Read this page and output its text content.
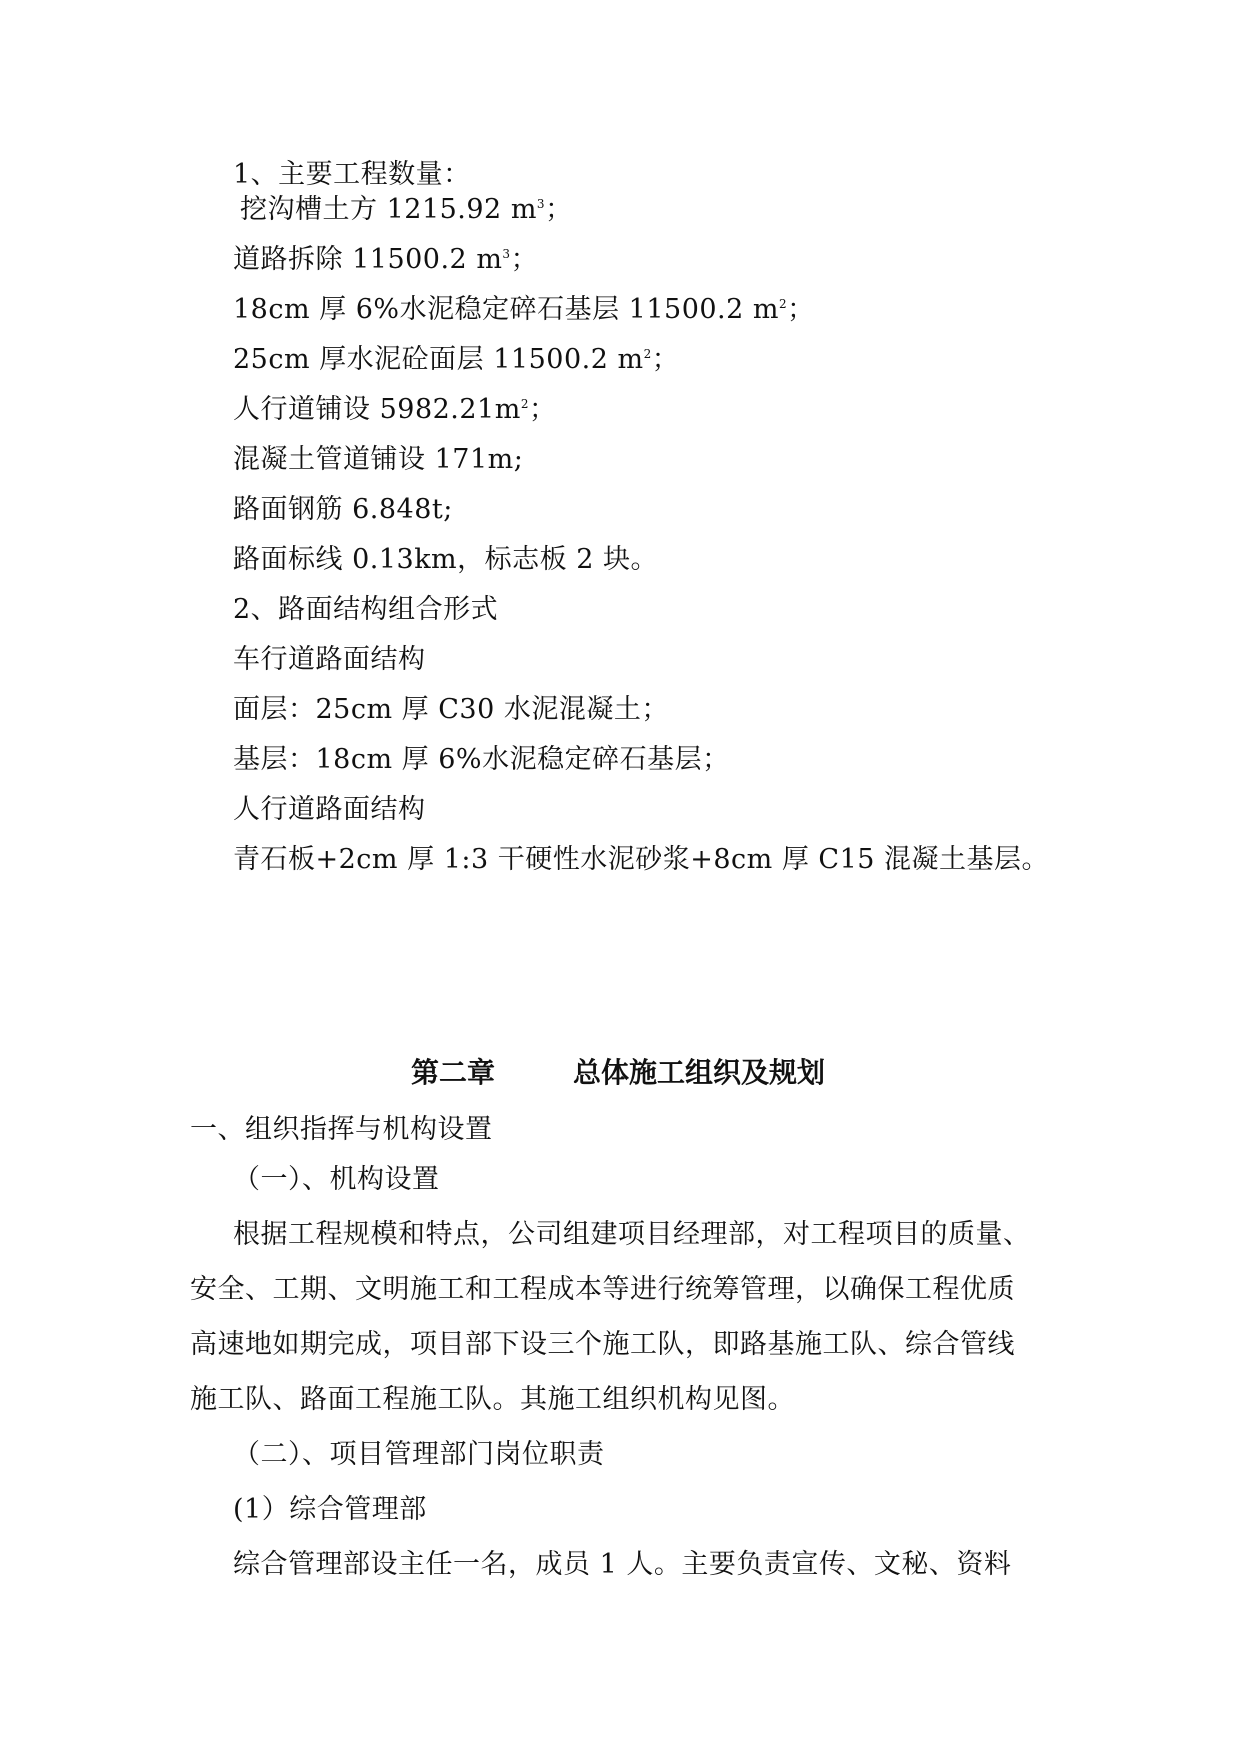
1、主要工程数量：
挖沟槽土方 1215.92 $m^3$；
道路拆除 11500.2 $m^3$；
18cm 厚 6%水泥稳定碎石基层 11500.2 $m^2$；
25cm 厚水泥砼面层 11500.2 $m^2$；
人行道铺设 $5982.21m^2$；
混凝土管道铺设 171m;
路面钢筋 6.848t;
路面标线 0.13km，标志板 2 块。
2、路面结构组合形式
车行道路面结构
面层：25cm 厚 C30 水泥混凝土；
基层：18cm 厚 6%水泥稳定碎石基层；
人行道路面结构
青石板+2cm 厚 1:3 干硬性水泥砂浆+8cm 厚 C15 混凝土基层。
第二章	总体施工组织及规划
一、组织指挥与机构设置
（一）、机构设置
根据工程规模和特点，公司组建项目经理部，对工程项目的质量、
安全、工期、文明施工和工程成本等进行统筹管理，以确保工程优质
高速地如期完成，项目部下设三个施工队，即路基施工队、综合管线
施工队、路面工程施工队。其施工组织机构见图。
（二）、项目管理部门岗位职责
(1）综合管理部
综合管理部设主任一名，成员 1 人。主要负责宣传、文秘、资料
